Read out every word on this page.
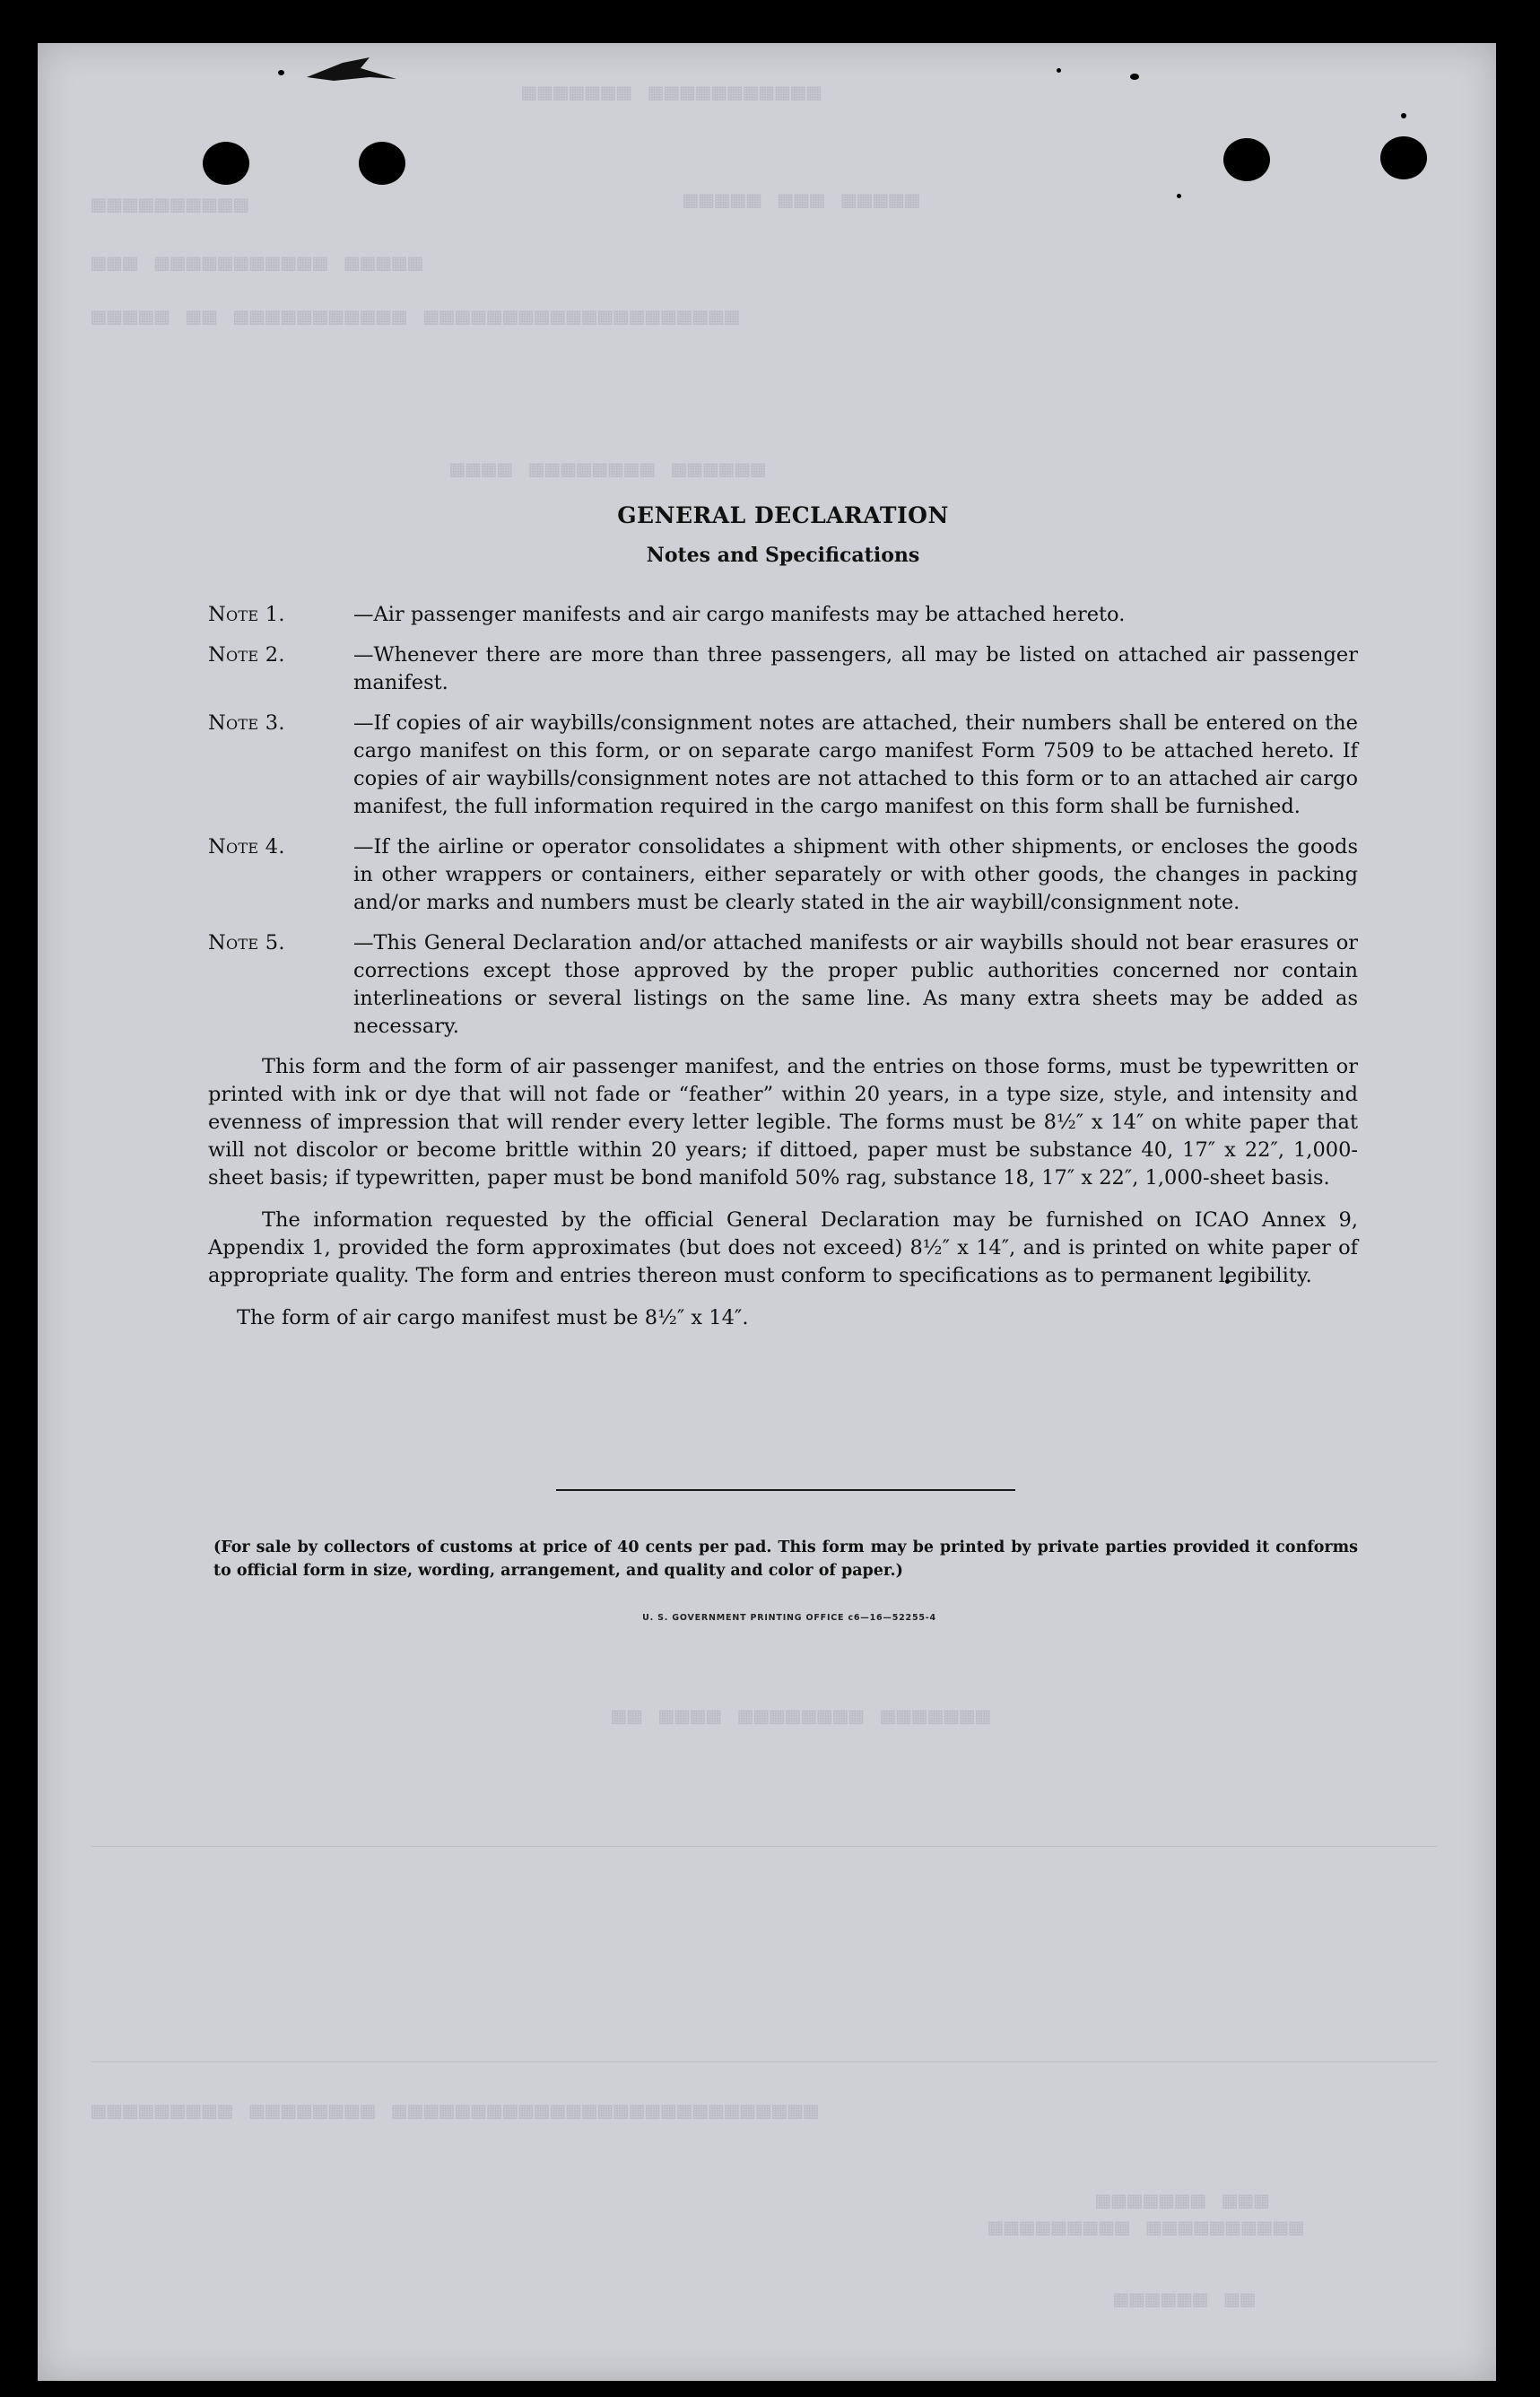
▦▦▦▦▦▦▦ ▦▦▦▦▦▦▦▦▦▦▦
▦▦▦▦▦ ▦▦▦ ▦▦▦▦▦
▦▦▦▦▦▦▦▦▦▦
▦▦▦ ▦▦▦▦▦▦▦▦▦▦▦ ▦▦▦▦▦
▦▦▦▦▦ ▦▦ ▦▦▦▦▦▦▦▦▦▦▦ ▦▦▦▦▦▦▦▦▦▦▦▦▦▦▦▦▦▦▦▦
▦▦▦▦ ▦▦▦▦▦▦▦▦ ▦▦▦▦▦▦
▦▦ ▦▦▦▦ ▦▦▦▦▦▦▦▦ ▦▦▦▦▦▦▦
▦▦▦▦▦▦▦▦▦ ▦▦▦▦▦▦▦▦ ▦▦▦▦▦▦▦▦▦▦▦▦▦▦▦▦▦▦▦▦▦▦▦▦▦▦▦
▦▦▦▦▦▦▦ ▦▦▦
▦▦▦▦▦▦▦▦▦ ▦▦▦▦▦▦▦▦▦▦
▦▦▦▦▦▦ ▦▦
GENERAL DECLARATION
Notes and Specifications
Note 1.	—Air passenger manifests and air cargo manifests may be attached hereto.
Note 2.	—Whenever there are more than three passengers, all may be listed on attached air passenger manifest.
Note 3.	—If copies of air waybills/consignment notes are attached, their numbers shall be entered on the cargo manifest on this form, or on separate cargo manifest Form 7509 to be attached hereto. If copies of air waybills/consignment notes are not attached to this form or to an attached air cargo manifest, the full information required in the cargo manifest on this form shall be furnished.
Note 4.	—If the airline or operator consolidates a shipment with other shipments, or encloses the goods in other wrappers or containers, either separately or with other goods, the changes in packing and/or marks and numbers must be clearly stated in the air waybill/consignment note.
Note 5.	—This General Declaration and/or attached manifests or air waybills should not bear erasures or corrections except those approved by the proper public authorities concerned nor contain interlineations or several listings on the same line. As many extra sheets may be added as necessary.

This form and the form of air passenger manifest, and the entries on those forms, must be typewritten or printed with ink or dye that will not fade or “feather” within 20 years, in a type size, style, and intensity and evenness of impression that will render every letter legible. The forms must be 8½″ x 14″ on white paper that will not discolor or become brittle within 20 years; if dittoed, paper must be substance 40, 17″ x 22″, 1,000-sheet basis; if typewritten, paper must be bond manifold 50% rag, substance 18, 17″ x 22″, 1,000-sheet basis.

The information requested by the official General Declaration may be furnished on ICAO Annex 9, Appendix 1, provided the form approximates (but does not exceed) 8½″ x 14″, and is printed on white paper of appropriate quality. The form and entries thereon must conform to specifications as to permanent legibility.

The form of air cargo manifest must be 8½″ x 14″.

(For sale by collectors of customs at price of 40 cents per pad. This form may be printed by private parties provided it conforms to official form in size, wording, arrangement, and quality and color of paper.)
U. S. GOVERNMENT PRINTING OFFICE c6—16—52255-4
